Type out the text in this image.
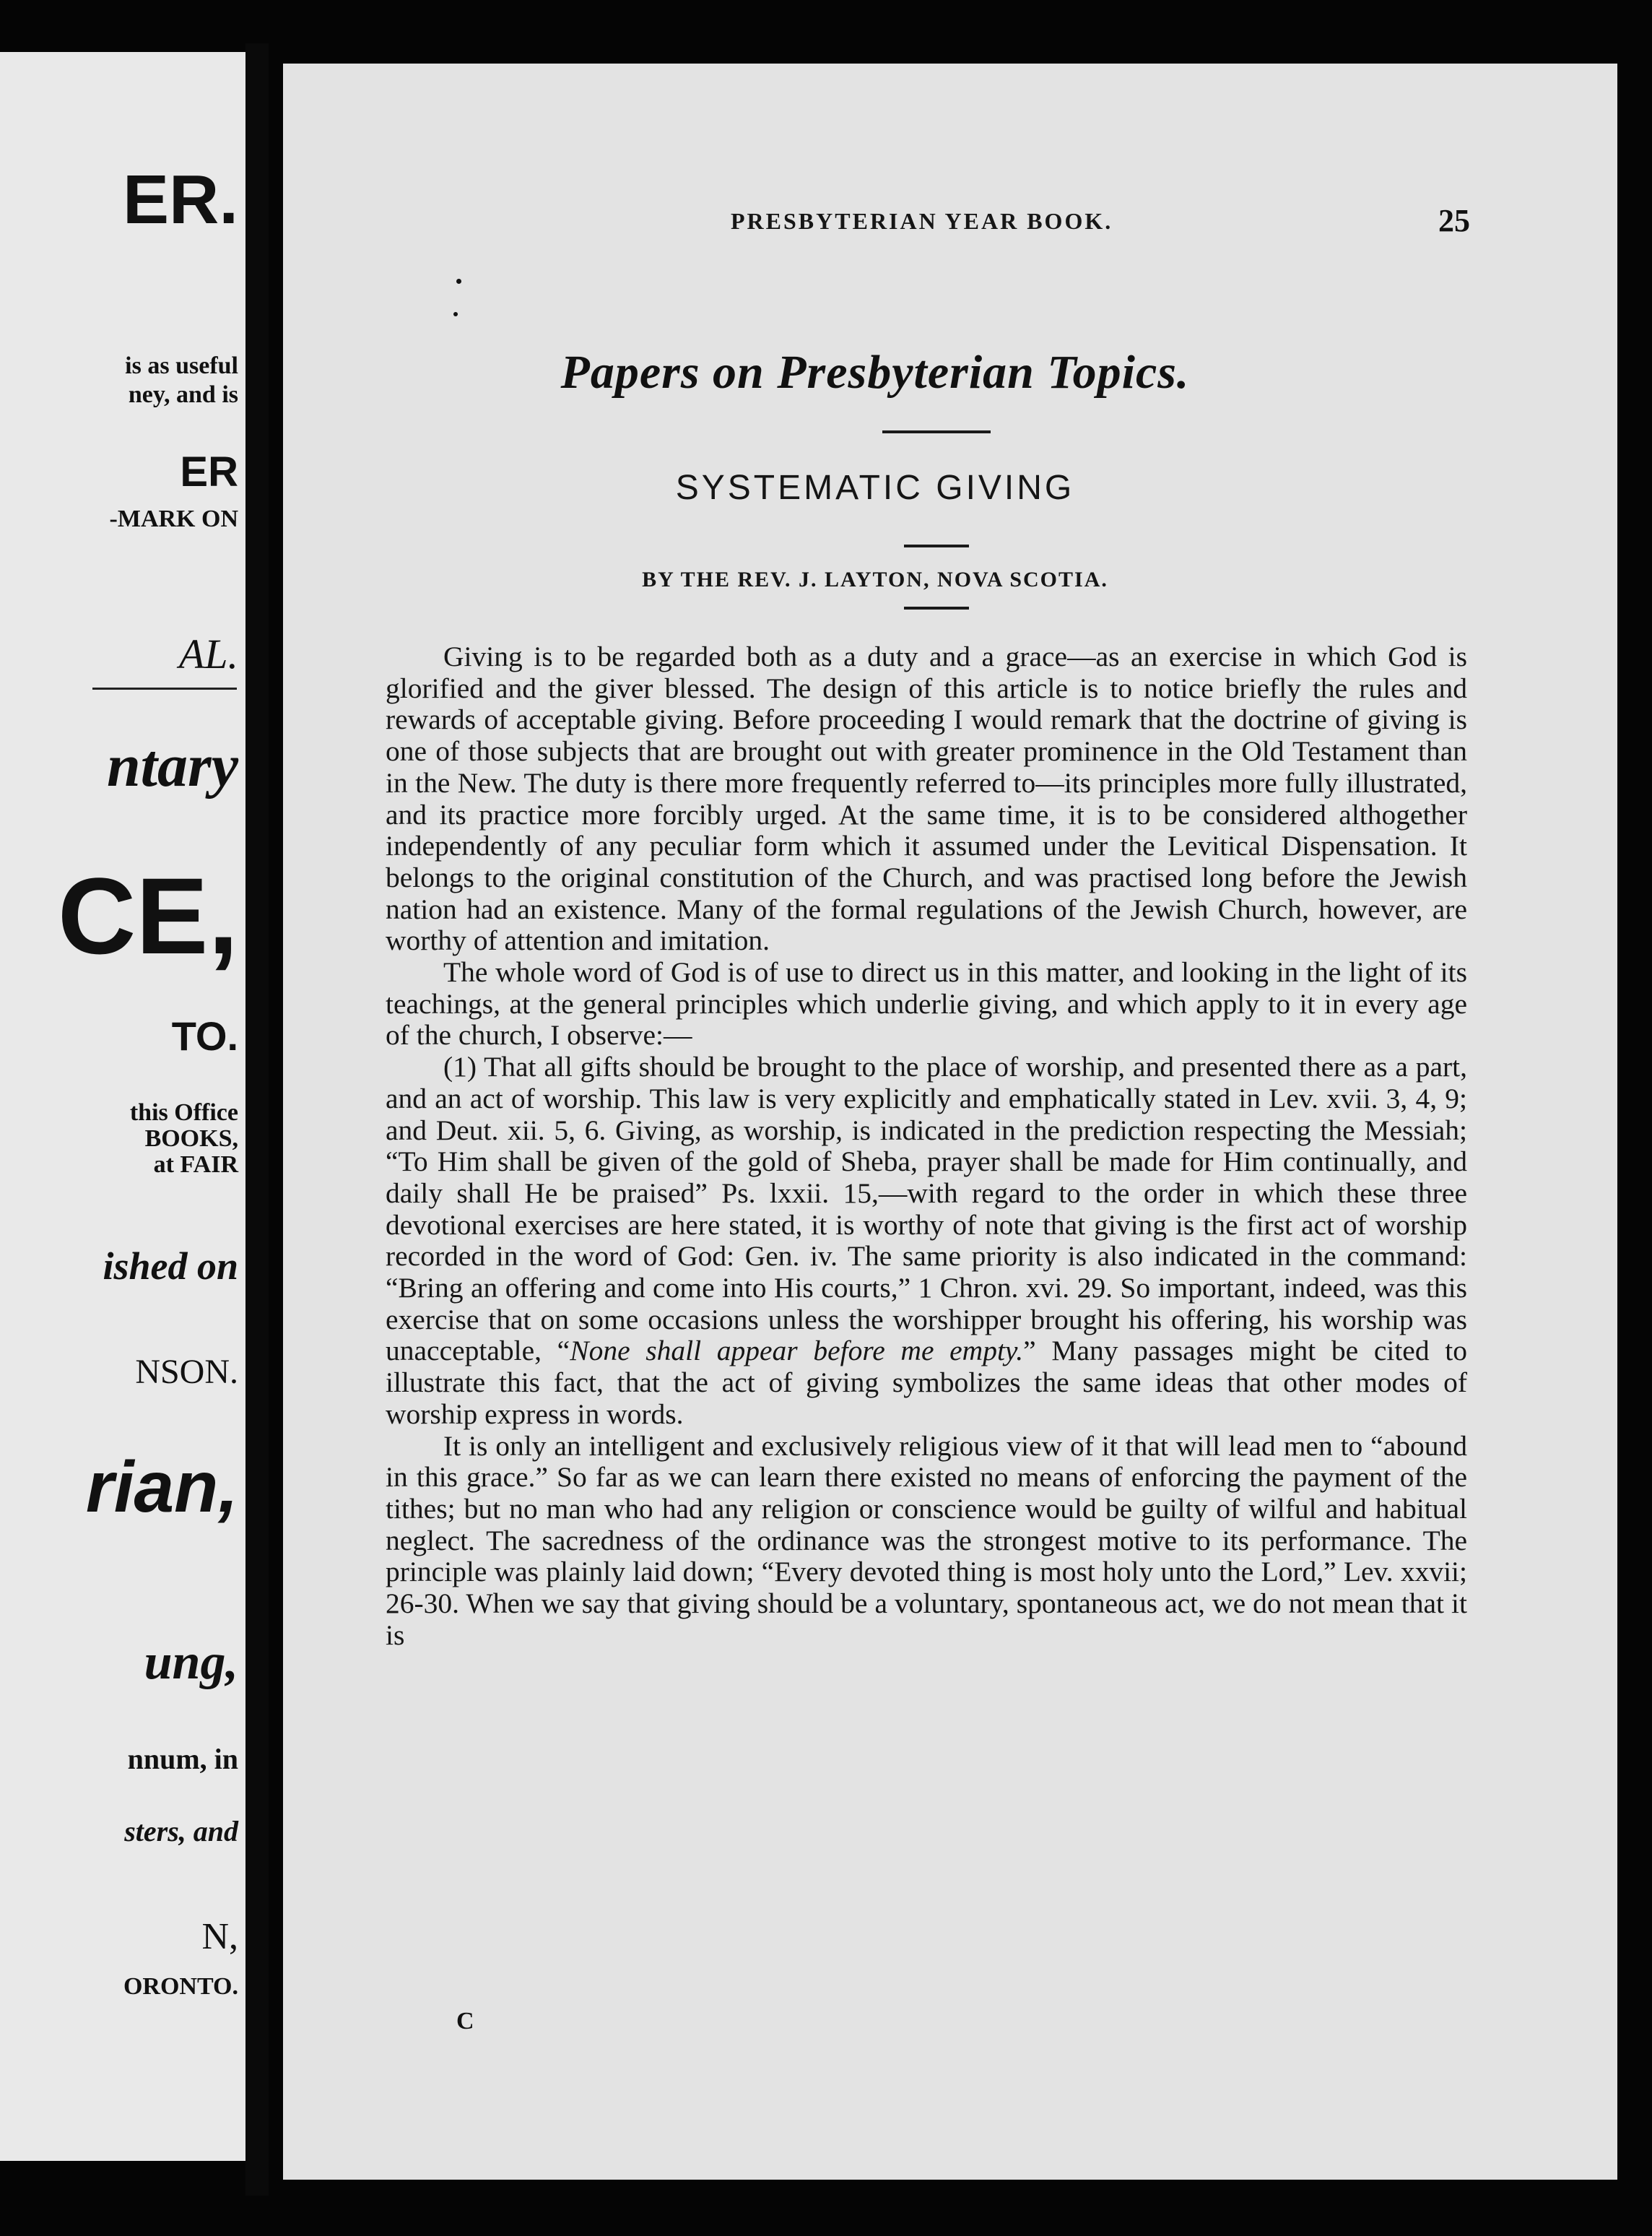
ER.
is as useful
ney, and is
ER
-MARK ON
AL.
ntary
CE,
TO.
this Office
BOOKS,
at FAIR
ished on
NSON.
rian,
ung,
nnum, in
sters, and
N,
ORONTO.
PRESBYTERIAN YEAR BOOK.	25
Papers on Presbyterian Topics.
SYSTEMATIC GIVING
BY THE REV. J. LAYTON, NOVA SCOTIA.

Giving is to be regarded both as a duty and a grace—as an exercise in which God is glorified and the giver blessed. The design of this article is to notice briefly the rules and rewards of acceptable giving. Before proceeding I would remark that the doctrine of giving is one of those subjects that are brought out with greater prominence in the Old Testament than in the New. The duty is there more frequently referred to—its principles more fully illustrated, and its practice more forcibly urged. At the same time, it is to be considered althogether independently of any peculiar form which it assumed under the Levitical Dispensation. It belongs to the original constitution of the Church, and was practised long before the Jewish nation had an existence. Many of the formal regulations of the Jewish Church, however, are worthy of attention and imitation.

The whole word of God is of use to direct us in this matter, and looking in the light of its teachings, at the general principles which underlie giving, and which apply to it in every age of the church, I observe:—

(1) That all gifts should be brought to the place of worship, and presented there as a part, and an act of worship. This law is very explicitly and emphatically stated in Lev. xvii. 3, 4, 9; and Deut. xii. 5, 6. Giving, as worship, is indicated in the prediction respecting the Messiah; “To Him shall be given of the gold of Sheba, prayer shall be made for Him continually, and daily shall He be praised” Ps. lxxii. 15,—with regard to the order in which these three devotional exercises are here stated, it is worthy of note that giving is the first act of worship recorded in the word of God: Gen. iv. The same priority is also indicated in the command: “Bring an offering and come into His courts,” 1 Chron. xvi. 29. So important, indeed, was this exercise that on some occasions unless the worshipper brought his offering, his worship was unacceptable, “None shall appear before me empty.” Many passages might be cited to illustrate this fact, that the act of giving symbolizes the same ideas that other modes of worship express in words.

It is only an intelligent and exclusively religious view of it that will lead men to “abound in this grace.” So far as we can learn there existed no means of enforcing the payment of the tithes; but no man who had any religion or conscience would be guilty of wilful and habitual neglect. The sacredness of the ordinance was the strongest motive to its performance. The principle was plainly laid down; “Every devoted thing is most holy unto the Lord,” Lev. xxvii; 26-30. When we say that giving should be a voluntary, spontaneous act, we do not mean that it is

C
